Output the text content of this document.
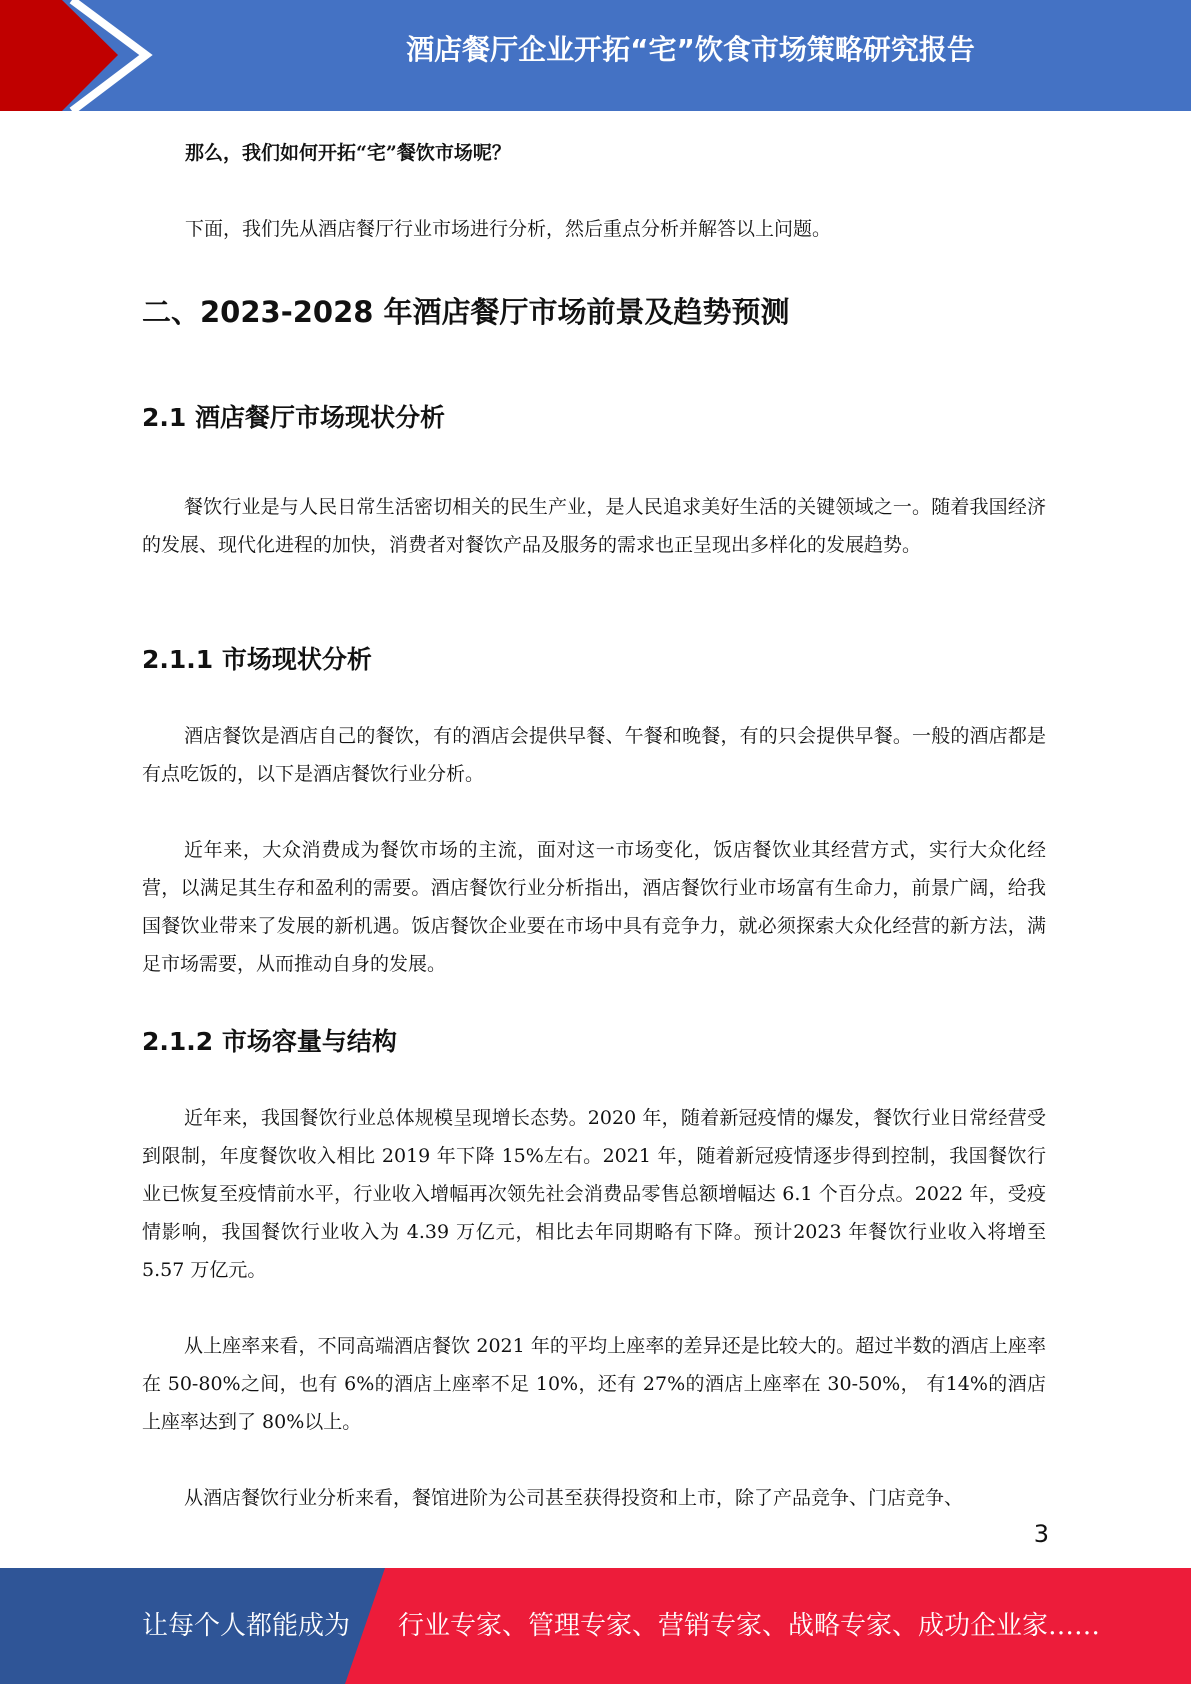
酒店餐厅企业开拓“宅”饮食市场策略研究报告
那么，我们如何开拓“宅”餐饮市场呢？
下面，我们先从酒店餐厅行业市场进行分析，然后重点分析并解答以上问题。
二、2023-2028 年酒店餐厅市场前景及趋势预测
2.1 酒店餐厅市场现状分析

餐饮行业是与人民日常生活密切相关的民生产业，是人民追求美好生活的关键领域之一。随着我国经济的发展、现代化进程的加快，消费者对餐饮产品及服务的需求也正呈现出多样化的发展趋势。

2.1.1 市场现状分析

酒店餐饮是酒店自己的餐饮，有的酒店会提供早餐、午餐和晚餐，有的只会提供早餐。一般的酒店都是有点吃饭的，以下是酒店餐饮行业分析。

近年来，大众消费成为餐饮市场的主流，面对这一市场变化，饭店餐饮业其经营方式，实行大众化经营，以满足其生存和盈利的需要。酒店餐饮行业分析指出，酒店餐饮行业市场富有生命力，前景广阔，给我国餐饮业带来了发展的新机遇。饭店餐饮企业要在市场中具有竞争力，就必须探索大众化经营的新方法，满足市场需要，从而推动自身的发展。

2.1.2 市场容量与结构

近年来，我国餐饮行业总体规模呈现增长态势。2020 年，随着新冠疫情的爆发，餐饮行业日常经营受到限制，年度餐饮收入相比 2019 年下降 15%左右。2021 年，随着新冠疫情逐步得到控制，我国餐饮行业已恢复至疫情前水平，行业收入增幅再次领先社会消费品零售总额增幅达 6.1 个百分点。2022 年，受疫情影响，我国餐饮行业收入为 4.39 万亿元，相比去年同期略有下降。预计2023 年餐饮行业收入将增至 5.57 万亿元。

从上座率来看，不同高端酒店餐饮 2021 年的平均上座率的差异还是比较大的。超过半数的酒店上座率在 50-80%之间，也有 6%的酒店上座率不足 10%，还有 27%的酒店上座率在 30-50%， 有14%的酒店上座率达到了 80%以上。

从酒店餐饮行业分析来看，餐馆进阶为公司甚至获得投资和上市，除了产品竞争、门店竞争、

3
让每个人都能成为 行业专家、管理专家、营销专家、战略专家、成功企业家……
